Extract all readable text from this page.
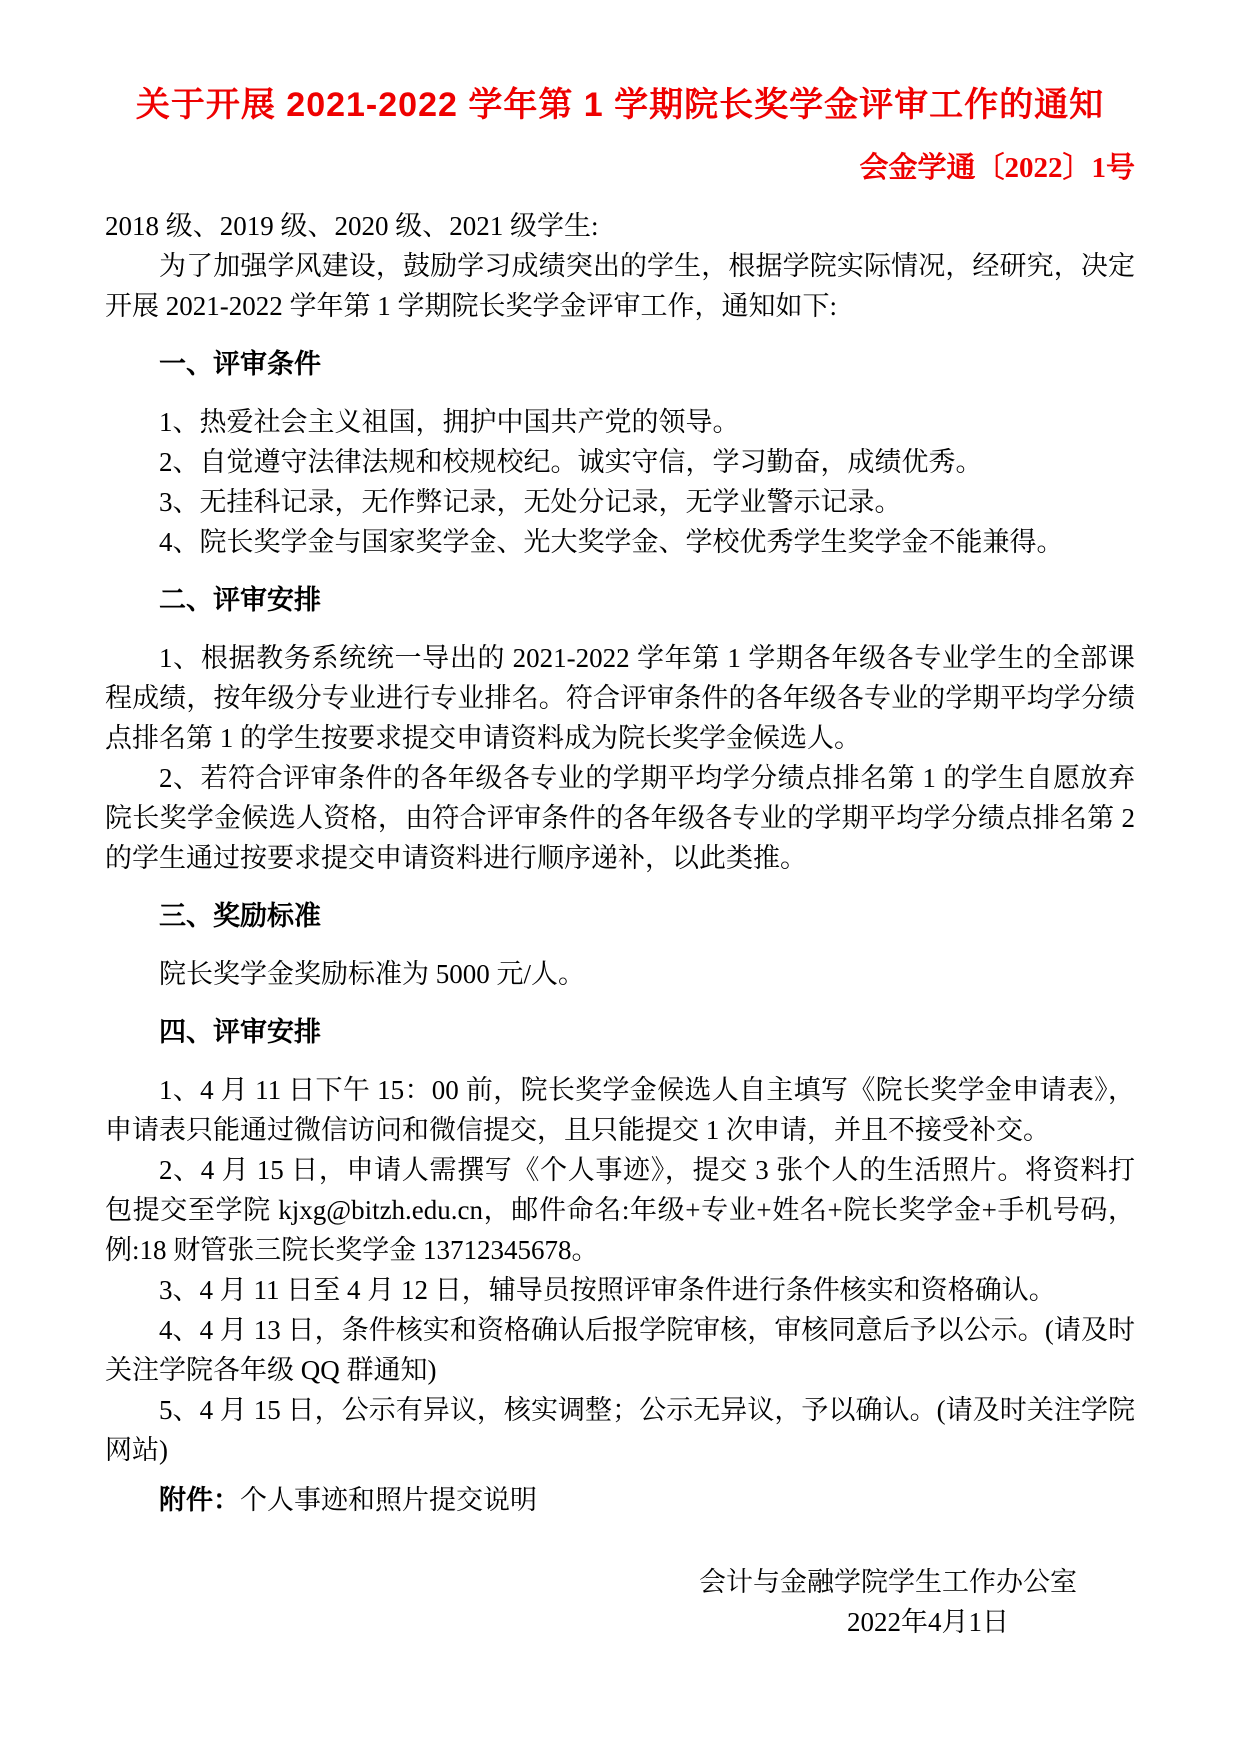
关于开展 2021-2022 学年第 1 学期院长奖学金评审工作的通知
会金学通〔2022〕1号

2018 级、2019 级、2020 级、2021 级学生:

为了加强学风建设，鼓励学习成绩突出的学生，根据学院实际情况，经研究，决定开展 2021-2022 学年第 1 学期院长奖学金评审工作，通知如下:

一、评审条件

1、热爱社会主义祖国，拥护中国共产党的领导。

2、自觉遵守法律法规和校规校纪。诚实守信，学习勤奋，成绩优秀。

3、无挂科记录，无作弊记录，无处分记录，无学业警示记录。

4、院长奖学金与国家奖学金、光大奖学金、学校优秀学生奖学金不能兼得。

二、评审安排

1、根据教务系统统一导出的 2021-2022 学年第 1 学期各年级各专业学生的全部课程成绩，按年级分专业进行专业排名。符合评审条件的各年级各专业的学期平均学分绩点排名第 1 的学生按要求提交申请资料成为院长奖学金候选人。

2、若符合评审条件的各年级各专业的学期平均学分绩点排名第 1 的学生自愿放弃院长奖学金候选人资格，由符合评审条件的各年级各专业的学期平均学分绩点排名第 2 的学生通过按要求提交申请资料进行顺序递补，以此类推。

三、奖励标准

院长奖学金奖励标准为 5000 元/人。

四、评审安排

1、4 月 11 日下午 15：00 前，院长奖学金候选人自主填写《院长奖学金申请表》，申请表只能通过微信访问和微信提交，且只能提交 1 次申请，并且不接受补交。

2、4 月 15 日，申请人需撰写《个人事迹》，提交 3 张个人的生活照片。将资料打包提交至学院 kjxg@bitzh.edu.cn，邮件命名:年级+专业+姓名+院长奖学金+手机号码，例:18 财管张三院长奖学金 13712345678。

3、4 月 11 日至 4 月 12 日，辅导员按照评审条件进行条件核实和资格确认。

4、4 月 13 日，条件核实和资格确认后报学院审核，审核同意后予以公示。(请及时关注学院各年级 QQ 群通知)

5、4 月 15 日，公示有异议，核实调整；公示无异议，予以确认。(请及时关注学院网站)

附件：个人事迹和照片提交说明

会计与金融学院学生工作办公室

2022年4月1日
